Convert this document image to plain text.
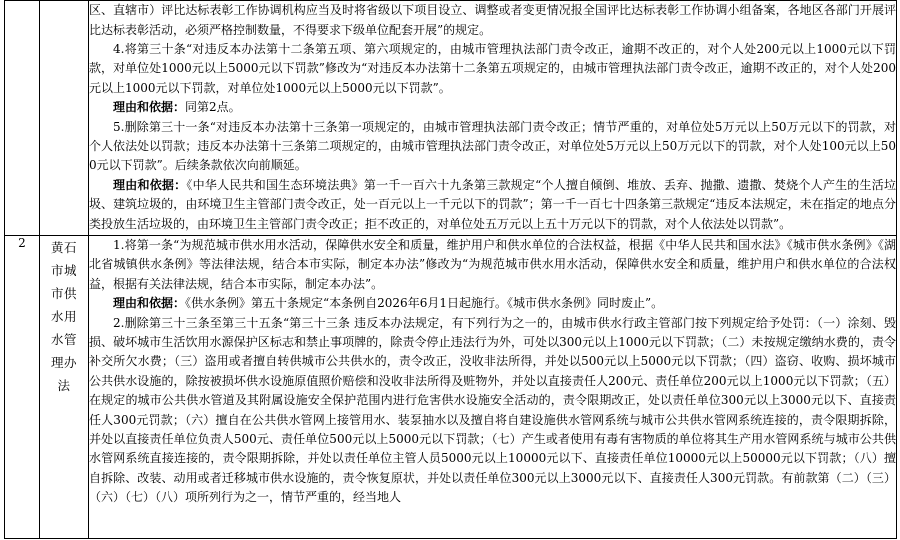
		区、直辖市）评比达标表彰工作协调机构应当及时将省级以下项目设立、调整或者变更情况报全国评比达标表彰工作协调小组备案，各地区各部门开展评比达标表彰活动，必须严格控制数量，不得要求下级单位配套开展”的规定。

4.将第三十条“对违反本办法第十二条第五项、第六项规定的，由城市管理执法部门责令改正，逾期不改正的，对个人处200元以上1000元以下罚款，对单位处1000元以上5000元以下罚款”修改为“对违反本办法第十二条第五项规定的，由城市管理执法部门责令改正，逾期不改正的，对个人处200元以上1000元以下罚款，对单位处1000元以上5000元以下罚款”。

理由和依据：同第2点。

5.删除第三十一条“对违反本办法第十三条第一项规定的，由城市管理执法部门责令改正；情节严重的，对单位处5万元以上50万元以下的罚款，对个人依法处以罚款；违反本办法第十三条第二项规定的，由城市管理执法部门责令改正，对单位处5万元以上50万元以下的罚款，对个人处100元以上500元以下罚款”。后续条款依次向前顺延。

理由和依据：《中华人民共和国生态环境法典》第一千一百六十九条第三款规定“个人擅自倾倒、堆放、丢弃、抛撒、遗撒、焚烧个人产生的生活垃圾、建筑垃圾的，由环境卫生主管部门责令改正，处一百元以上一千元以下的罚款”；第一千一百七十四条第三款规定“违反本法规定，未在指定的地点分类投放生活垃圾的，由环境卫生主管部门责令改正；拒不改正的，对单位处五万元以上五十万元以下的罚款，对个人依法处以罚款”。

2	黄石市城市供水用水管理办法	1.将第一条“为规范城市供水用水活动，保障供水安全和质量，维护用户和供水单位的合法权益，根据《中华人民共和国水法》《城市供水条例》《湖北省城镇供水条例》等法律法规，结合本市实际，制定本办法”修改为“为规范城市供水用水活动，保障供水安全和质量，维护用户和供水单位的合法权益，根据有关法律法规，结合本市实际，制定本办法”。

理由和依据：《供水条例》第五十条规定“本条例自2026年6月1日起施行。《城市供水条例》同时废止”。

2.删除第三十三条至第三十五条“第三十三条 违反本办法规定，有下列行为之一的，由城市供水行政主管部门按下列规定给予处罚：（一）涂刻、毁损、破坏城市生活饮用水源保护区标志和禁止事项牌的，除责令停止违法行为外，可处以300元以上1000元以下罚款；（二）未按规定缴纳水费的，责令补交所欠水费；（三）盗用或者擅自转供城市公共供水的，责令改正，没收非法所得，并处以500元以上5000元以下罚款；（四）盗窃、收购、损坏城市公共供水设施的，除按被损坏供水设施原值照价赔偿和没收非法所得及赃物外，并处以直接责任人200元、责任单位200元以上1000元以下罚款；（五）在规定的城市公共供水管道及其附属设施安全保护范围内进行危害供水设施安全活动的，责令限期改正，处以责任单位300元以上3000元以下、直接责任人300元罚款；（六）擅自在公共供水管网上接管用水、装泵抽水以及擅自将自建设施供水管网系统与城市公共供水管网系统连接的，责令限期拆除，并处以直接责任单位负责人500元、责任单位500元以上5000元以下罚款；（七）产生或者使用有毒有害物质的单位将其生产用水管网系统与城市公共供水管网系统直接连接的，责令限期拆除，并处以责任单位主管人员5000元以上10000元以下、直接责任单位10000元以上50000元以下罚款；（八）擅自拆除、改装、动用或者迁移城市供水设施的，责令恢复原状，并处以责任单位300元以上3000元以下、直接责任人300元罚款。有前款第（二）（三）（六）（七）（八）项所列行为之一，情节严重的，经当地人
